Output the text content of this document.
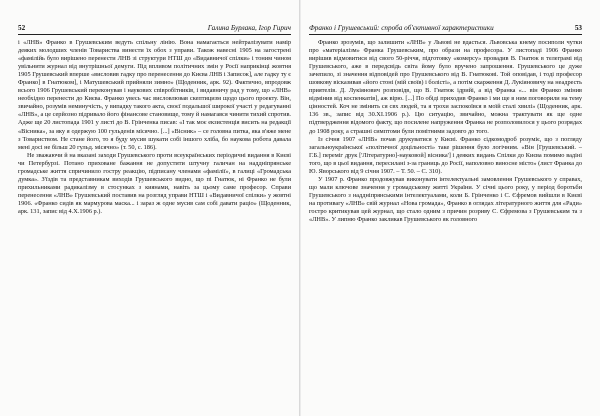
52	Галина Бурлака, Ігор Гирич

і «ЛНВ» Франко в Грушевським ведуть спільну лінію. Вона намагається нейтралізувати намір деяких молодших членів Товариства винести їх обох з управи. Також навесні 1905 на загострені «фамілійь було вирішено перенести ЛНВ зі структури НТШ до «Видавничої спілки» і тоним чином увільнити журнал від внутрішньої демуги. Під впливом політичних змін у Росії наприкінці жовтня 1905 Грушевський вперше «висловив гадку про перенесення до Києва ЛНВ і Записок], але гадку ту є Франко] в Гнатюком], і Матушевський прийняли зимно» (Щоденник, арк. 92). Фактично, впродовж всього 1906 Грушевський переконував і наукових співробітників, і видавничу рад у тому, що «ЛНВ» необхідно перенести до Києва. Франко увесь час висловлював скептицизм щодо цього проекту. Він, звичайно, розумів неминучість, у випадку такого акта, своєї подальшої широкої участі у редагуванні «ЛНВ», а це серйозно підривало його фінансове становище, тому й намагався чинити тихий спротив. Адже ще 20 листопада 1901 у листі до В. Грінченка писав: «І так моє екзистенція висить на редакції «Вісника», за яку я одержую 100 гульденів місячно. [...] «Вісник» – се головна питка, яка в'яже мене з Товариством. Не стане його, то я буду мусив шукати собі іншого хліба, бо наукова робота давала мені досі не більш 20 гульд. місячно» (т. 50, с. 186).

Не зважаючи й на вказані заходи Грушевського проти всеукраїнських періодичні видання в Києві чи Петербурзі. Потано приховане бажання не допустити штучну галичан на наддніпрянське громадське життя спричинило гостру реакцію, підписану членами «фамілії», в галиці «Громадська думка». З'їздів та представникам виходів Грушевського видно, що пі Гнатюк, ні Франко не були прихильниками радикалізму в стосунках з киянами, навіть за цьому саме професор. Справи перенесення «ЛНВ» Грушевський поставив на розгляд управи НТШ і «Видавничої спілки» у жовтні 1906. «Франко сидів як мармурова маска... і зараз ж одне мусив сам собі давати раціо» (Щоденник, арк. 131, запис від 4.Х.1906 р.).

Франко і Грушевський: спроба об'єктивної характеристики	53

Франко зрозумів, що залишити «ЛНВ» у Львові не вдасться. Львовська кнему посиполи чутки про «матеріалізм» Франка Грушевським, про образи на професора. У листопаді 1906 Франко вирішив відмовитися від свого 50-річчя, підготовку «комерсу» провадив В. Гнатюк в телеграмі від Грушевського, аже в передсвідь світа йому було вручено запрошення. Грушевського це дуже зачепило, зі значення відповідей про Грушевського від В. Гнатюкові. Той оповідав, і тоді професор шовкову вісказивав «його стоні (мій своїв) і болісті», а потім скарження Д. Лукіяновичу на неадресть приятелів. Д. Лукіянович розповідв, що В. Гнатюк ідрийі, а від Франка «... він Франко змінив відмінив від коспенкатів], аж вірю. [...] По обіді приходив Франко і ми ще в ним поговорили на тему цінностей. Коч не змінить ся свх людей, та я трохи заспокоївся в моїй сталі хвилі» (Щоденник, арк. 136 зв., запис від 30.ХІ.1906 р.). Цю ситуацію, звичайно, можна трактувати як ще одне підтвердження відомого факту, що посилене напруження Франка не розполовилося у цього розрядах до 1908 року, а страшні симптоми були помітними задовго до того.

Із січня 1907 «ЛНВ» почав друкуватися у Києві. Франко сідкомодроб розуміє, що з поглядy загальноукраїнської «політичної доцільності» таке рішення було логічним. «Він [Грушевський. – Г.Б.] переміг друк ['Літературно]-науковой] вісника'] і деяких видань Спілки до Києва помимо вадіні того, що в цьої видання, пересилані з-за границь до Росії, наполовно виносне місто» (лист Франка до Ю. Яворського від 9 січня 1907. – Т. 50. – С. 310).

У 1907 р. Франко продовжував виконувати інтелектуальні замовлення Грушевського у справах, що мали ключове значення у громадському житті України. У січні цього року, у період боротьби Грушевського з наддніпрянськими інтелектуалами, коли Б. Грінченко і С. Єфремов вийшли в Києві на противагу «ЛНВ» свій журнал «Нова громада», Франко в оглядах літературного життя для «Ради» гостро критикував цей журнал, що стало одним з причин розриву С. Єфремова з Грушевським та з «ЛНВ». У липню Франко закликав Грушевського як головного
